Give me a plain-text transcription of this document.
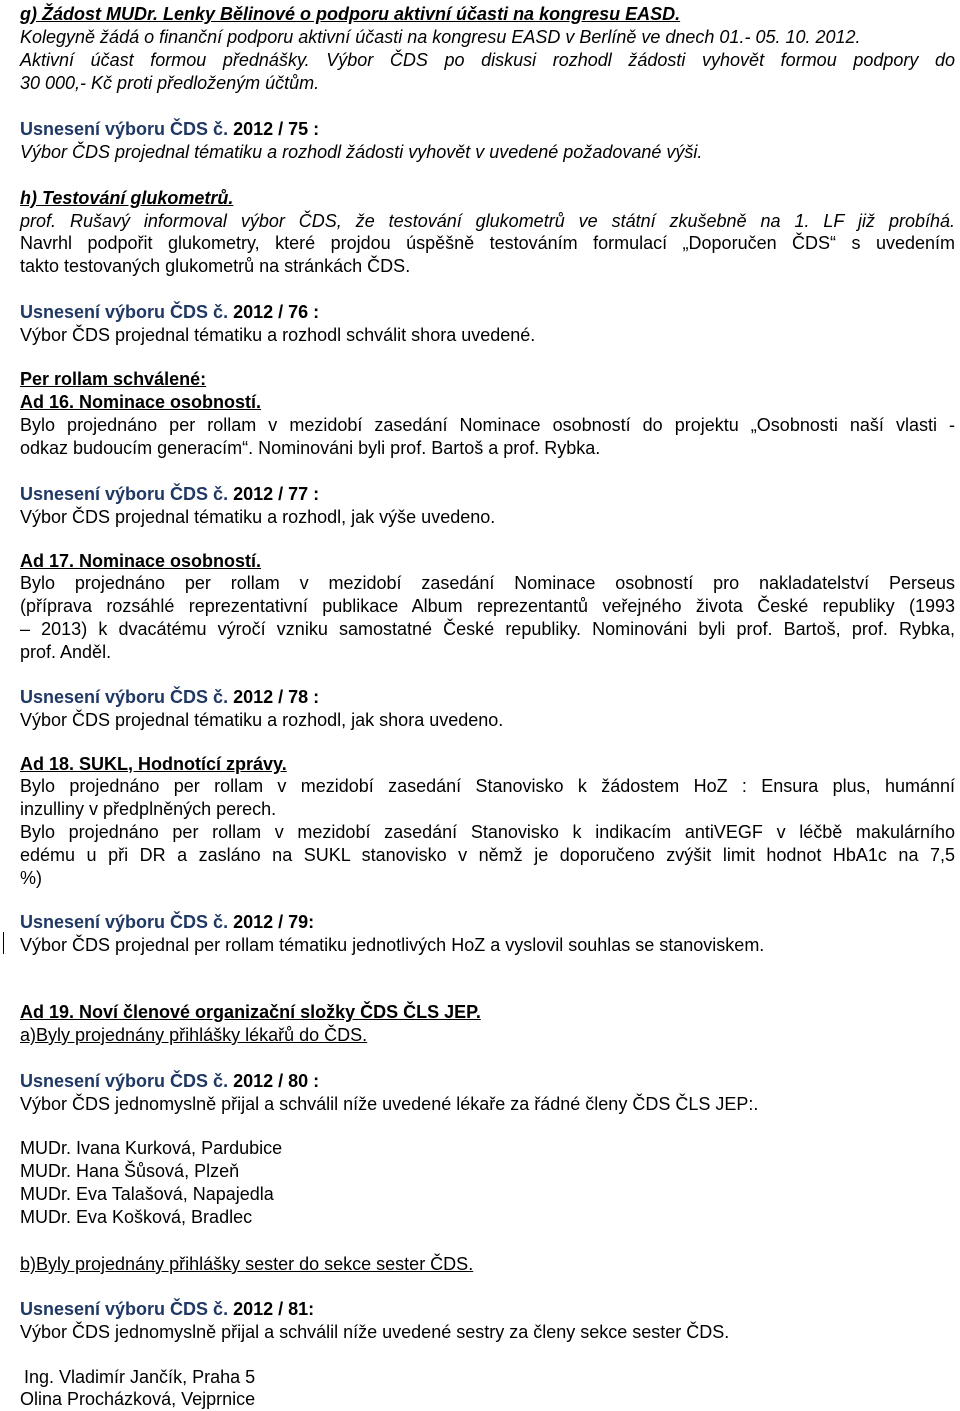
g) Žádost MUDr. Lenky Bělinové o podporu aktivní účasti na kongresu EASD.
Kolegyně žádá o finanční podporu aktivní účasti na kongresu EASD v Berlíně ve dnech 01.- 05. 10. 2012.
Aktivní účast formou přednášky. Výbor ČDS po diskusi rozhodl žádosti vyhovět formou podpory do
30 000,- Kč proti předloženým účtům.
Usnesení výboru ČDS č. 2012 / 75 :
Výbor ČDS projednal tématiku a rozhodl žádosti vyhovět v uvedené požadované výši.
h) Testování glukometrů.
prof. Rušavý informoval výbor ČDS, že testování glukometrů ve státní zkušebně na 1. LF již probíhá.
Navrhl podpořit glukometry, které projdou úspěšně testováním formulací „Doporučen ČDS“ s uvedením
takto testovaných glukometrů na stránkách ČDS.
Usnesení výboru ČDS č. 2012 / 76 :
Výbor ČDS projednal tématiku a rozhodl schválit shora uvedené.
Per rollam schválené:
Ad 16. Nominace osobností.
Bylo projednáno per rollam v mezidobí zasedání Nominace osobností do projektu „Osobnosti naší vlasti -
odkaz budoucím generacím“. Nominováni byli prof. Bartoš a prof. Rybka.
Usnesení výboru ČDS č. 2012 / 77 :
Výbor ČDS projednal tématiku a rozhodl, jak výše uvedeno.
Ad 17. Nominace osobností.
Bylo projednáno per rollam v mezidobí zasedání Nominace osobností pro nakladatelství Perseus
(příprava rozsáhlé reprezentativní publikace Album reprezentantů veřejného života České republiky (1993
– 2013) k dvacátému výročí vzniku samostatné České republiky. Nominováni byli prof. Bartoš, prof. Rybka,
prof. Anděl.
Usnesení výboru ČDS č. 2012 / 78 :
Výbor ČDS projednal tématiku a rozhodl, jak shora uvedeno.
Ad 18. SUKL, Hodnotící zprávy.
Bylo projednáno per rollam v mezidobí zasedání Stanovisko k žádostem HoZ : Ensura plus, humánní
inzulliny v předplněných perech.
Bylo projednáno per rollam v mezidobí zasedání Stanovisko k indikacím antiVEGF v léčbě makulárního
edému u při DR a zasláno na SUKL stanovisko v němž je doporučeno zvýšit limit hodnot HbA1c na 7,5
%)
Usnesení výboru ČDS č. 2012 / 79:
Výbor ČDS projednal per rollam tématiku jednotlivých HoZ a vyslovil souhlas se stanoviskem.
Ad 19. Noví členové organizační složky ČDS ČLS JEP.
a)Byly projednány přihlášky lékařů do ČDS.
Usnesení výboru ČDS č. 2012 / 80 :
Výbor ČDS jednomyslně přijal a schválil níže uvedené lékaře za řádné členy ČDS ČLS JEP:.
MUDr. Ivana Kurková, Pardubice
MUDr. Hana Šůsová, Plzeň
MUDr. Eva Talašová, Napajedla
MUDr. Eva Košková, Bradlec
b)Byly projednány přihlášky sester do sekce sester ČDS.
Usnesení výboru ČDS č. 2012 / 81:
Výbor ČDS jednomyslně přijal a schválil níže uvedené sestry za členy sekce sester ČDS.
Ing. Vladimír Jančík, Praha 5
Olina Procházková, Vejprnice
